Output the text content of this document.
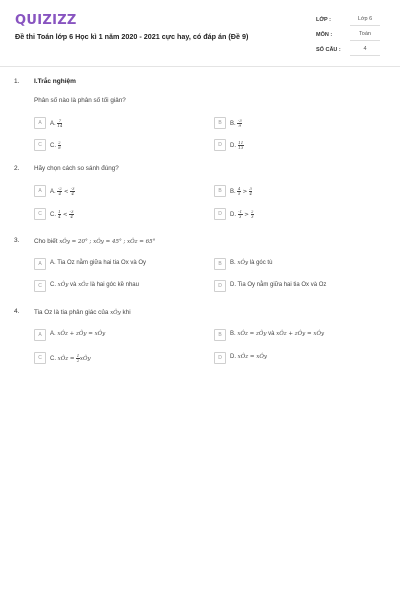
QUIZIZZ
Đề thi Toán lớp 6 Học kì 1 năm 2020 - 2021 cực hay, có đáp án (Đề 9)
LỚP :	Lớp 6
MÔN :	Toán
SỐ CÂU :	4
1. I.Trắc nghiệm
Phân số nào là phân số tối giản?
A	A. $\frac{7}{14}$	B	B. $\frac{-3}{9}$
C	C. $\frac{2}{8}$	D	D. $\frac{11}{13}$
2. Hãy chọn cách so sánh đúng?
A	A. $\frac{-2}{4} < \frac{-3}{4}$	B	B. $\frac{4}{5} > \frac{3}{4}$
C	C. $\frac{1}{4} < \frac{-3}{4}$	D	D. $\frac{-1}{3} > \frac{2}{3}$
3. Cho biết xÔy = 20° ; xÔy = 45° ; xÔz = 65°
A	A. Tia Oz nằm giữa hai tia Ox và Oy	B	B. xÔy là góc tù
C	C. xÔy và xÔz là hai góc kề nhau	D	D. Tia Oy nằm giữa hai tia Ox và Oz
4. Tia Oz là tia phân giác của xÔy khi
A	A. xÔz + zÔy = xÔy	B	B. xÔz = zÔy và xÔz + zÔy = xÔy
C	C. xÔz = $\frac{1}{2}$ xÔy	D	D. xÔz = xÔy
